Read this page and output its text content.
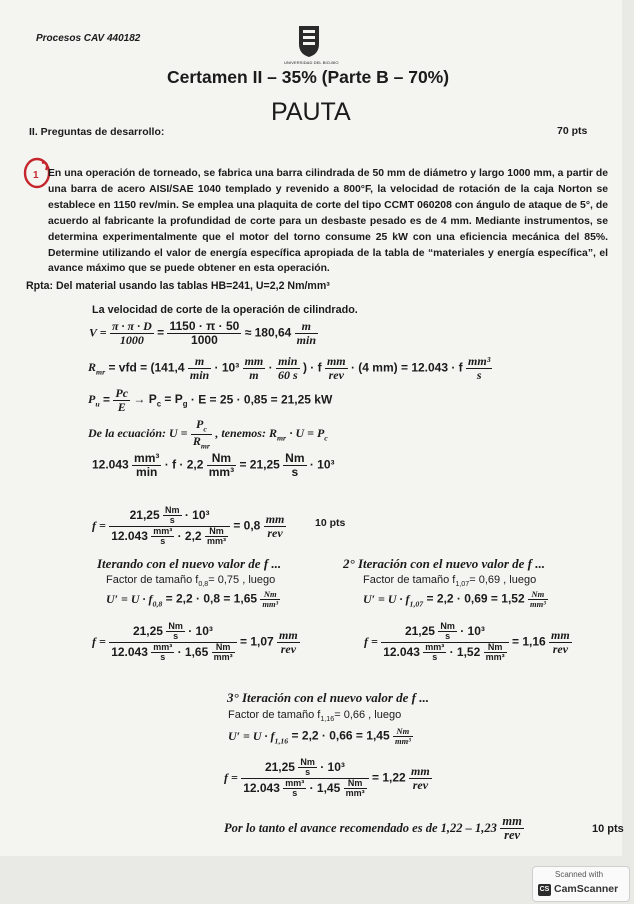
Procesos CAV 440182
UNIVERSIDAD DEL BIO-BIO
Certamen II – 35% (Parte B – 70%)
PAUTA
II. Preguntas de desarrollo:	70 pts
1 En una operación de torneado, se fabrica una barra cilindrada de 50 mm de diámetro y largo 1000 mm, a partir de una barra de acero AISI/SAE 1040 templado y revenido a 800°F, la velocidad de rotación de la caja Norton se establece en 1150 rev/min. Se emplea una plaquita de corte del tipo CCMT 060208 con ángulo de ataque de 5°, de acuerdo al fabricante la profundidad de corte para un desbaste pesado es de 4 mm. Mediante instrumentos, se determina experimentalmente que el motor del torno consume 25 kW con una eficiencia mecánica del 85%. Determine utilizando el valor de energía específica apropiada de la tabla de “materiales y energía específica”, el avance máximo que se puede obtener en esta operación.
Rpta: Del material usando las tablas HB=241, U=2,2 Nm/mm³
La velocidad de corte de la operación de cilindrado.
$V = \frac{\pi \cdot \pi \cdot D}{1000} = \frac{1150 \cdot \pi \cdot 50}{1000} \approx 180,64 \frac{m}{\min}$
$R_{mr}$ = vfd = ($141,4 \frac{m}{\min} \cdot 10^3 \frac{mm}{m} \cdot \frac{\min}{60 s}$ ) · f $\frac{mm}{\text{rev}} \cdot (4$ mm) = 12.043 · f $\frac{\text{mm³}}{s}$
$P_u = \frac{Pc}{E} \to P_c = P_g \cdot E = 25 \cdot 0,85 = 21,25$ kW
De la ecuación: $U = \frac{P_c}{R_{mr}}$ , tenemos: $R_{mr} \cdot U = P_c$
$12.043 \frac{\text{mm³}}{\min} \cdot f \cdot 2,2 \frac{Nm}{\text{mm³}} = 21,25 \frac{Nm}{s} \cdot 10^3$
$f = \frac{21,25 \frac{Nm}{s} \cdot 10^3}{12.043 \frac{\text{mm³}}{s} \cdot 2,2 \frac{Nm}{\text{mm³}}} = 0,8 \frac{mm}{\text{rev}}$	10 pts
Iterando con el nuevo valor de f ...
Factor de tamaño $f_{0,8}= 0,75$ , luego
$U' = U \cdot f_{0,8} = 2,2 \cdot 0,8 = 1,65 \frac{Nm}{\text{mm³}}$
$f = \frac{21,25 \frac{Nm}{s} \cdot 10^3}{12.043 \frac{\text{mm³}}{s} \cdot 1,65 \frac{Nm}{\text{mm³}}} = 1,07 \frac{mm}{\text{rev}}$
2° Iteración con el nuevo valor de f ...
Factor de tamaño $f_{1,07}= 0,69$ , luego
$U' = U \cdot f_{1,07} = 2,2 \cdot 0,69 = 1,52 \frac{Nm}{\text{mm³}}$
$f = \frac{21,25 \frac{Nm}{s} \cdot 10^3}{12.043 \frac{\text{mm³}}{s} \cdot 1,52 \frac{Nm}{\text{mm³}}} = 1,16 \frac{mm}{\text{rev}}$
3° Iteración con el nuevo valor de f ...
Factor de tamaño $f_{1,16}= 0,66$ , luego
$U' = U \cdot f_{1,16} = 2,2 \cdot 0,66 = 1,45 \frac{Nm}{\text{mm³}}$
$f = \frac{21,25 \frac{Nm}{s} \cdot 10^3}{12.043 \frac{\text{mm³}}{s} \cdot 1,45 \frac{Nm}{\text{mm³}}} = 1,22 \frac{mm}{\text{rev}}$
Por lo tanto el avance recomendado es de $1,22 - 1,23 \frac{mm}{\text{rev}}$	10 pts
Scanned with
CS CamScanner
